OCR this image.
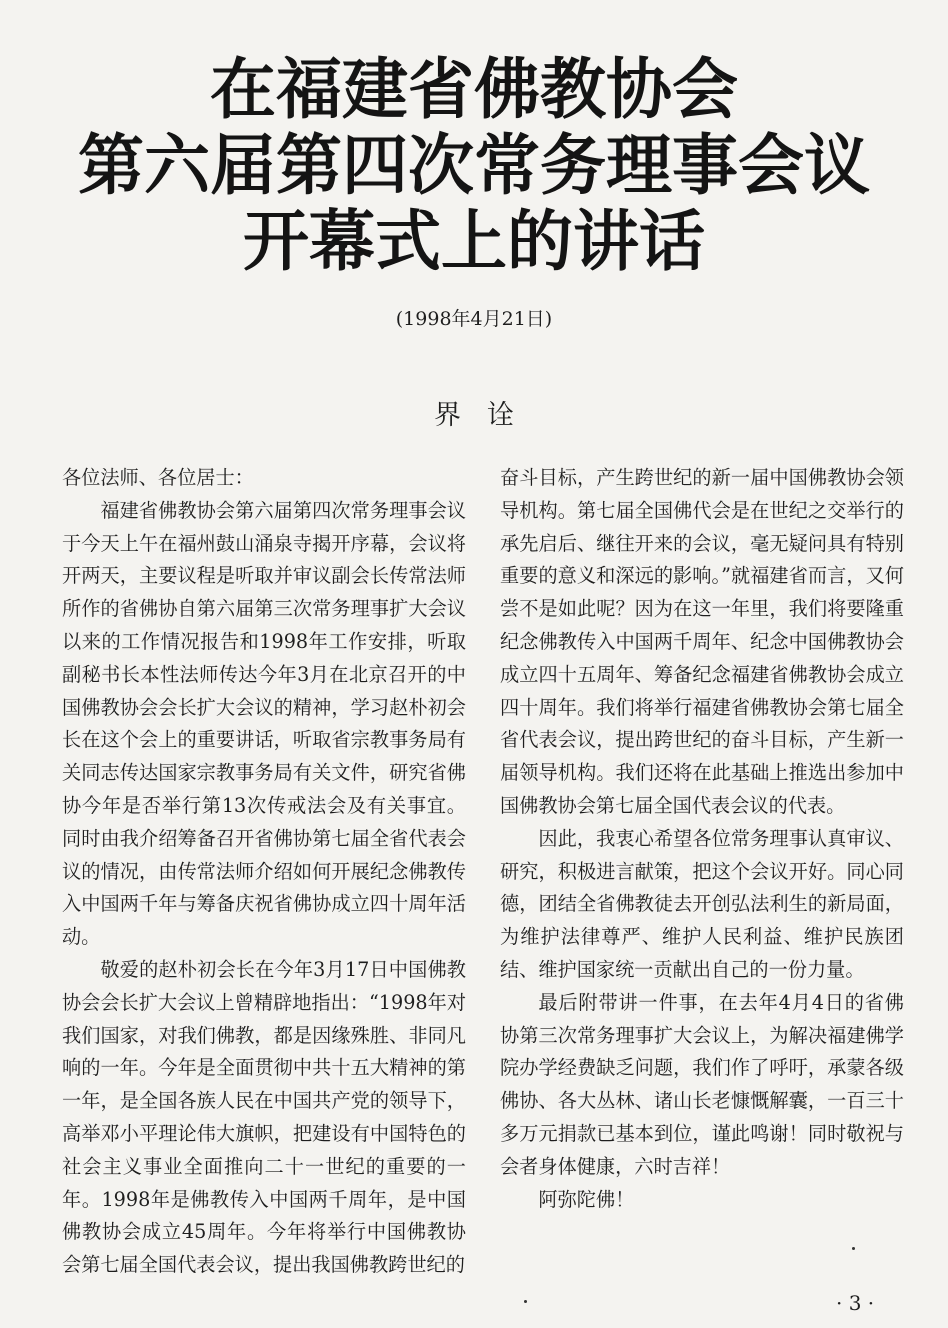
在福建省佛教协会
第六届第四次常务理事会议
开幕式上的讲话
(1998年4月21日)
界诠

各位法师、各位居士：

福建省佛教协会第六届第四次常务理事会议于今天上午在福州鼓山涌泉寺揭开序幕，会议将开两天，主要议程是听取并审议副会长传常法师所作的省佛协自第六届第三次常务理事扩大会议以来的工作情况报告和1998年工作安排，听取副秘书长本性法师传达今年3月在北京召开的中国佛教协会会长扩大会议的精神，学习赵朴初会长在这个会上的重要讲话，听取省宗教事务局有关同志传达国家宗教事务局有关文件，研究省佛协今年是否举行第13次传戒法会及有关事宜。同时由我介绍筹备召开省佛协第七届全省代表会议的情况，由传常法师介绍如何开展纪念佛教传入中国两千年与筹备庆祝省佛协成立四十周年活动。

敬爱的赵朴初会长在今年3月17日中国佛教协会会长扩大会议上曾精辟地指出：“1998年对我们国家，对我们佛教，都是因缘殊胜、非同凡响的一年。今年是全面贯彻中共十五大精神的第一年，是全国各族人民在中国共产党的领导下，高举邓小平理论伟大旗帜，把建设有中国特色的社会主义事业全面推向二十一世纪的重要的一年。1998年是佛教传入中国两千周年，是中国佛教协会成立45周年。今年将举行中国佛教协会第七届全国代表会议，提出我国佛教跨世纪的

奋斗目标，产生跨世纪的新一届中国佛教协会领导机构。第七届全国佛代会是在世纪之交举行的承先启后、继往开来的会议，毫无疑问具有特别重要的意义和深远的影响。”就福建省而言，又何尝不是如此呢？因为在这一年里，我们将要隆重纪念佛教传入中国两千周年、纪念中国佛教协会成立四十五周年、筹备纪念福建省佛教协会成立四十周年。我们将举行福建省佛教协会第七届全省代表会议，提出跨世纪的奋斗目标，产生新一届领导机构。我们还将在此基础上推选出参加中国佛教协会第七届全国代表会议的代表。

因此，我衷心希望各位常务理事认真审议、研究，积极进言献策，把这个会议开好。同心同德，团结全省佛教徒去开创弘法利生的新局面，为维护法律尊严、维护人民利益、维护民族团结、维护国家统一贡献出自己的一份力量。

最后附带讲一件事，在去年4月4日的省佛协第三次常务理事扩大会议上，为解决福建佛学院办学经费缺乏问题，我们作了呼吁，承蒙各级佛协、各大丛林、诸山长老慷慨解囊，一百三十多万元捐款已基本到位，谨此鸣谢！同时敬祝与会者身体健康，六时吉祥！

阿弥陀佛！

· 3 ·
